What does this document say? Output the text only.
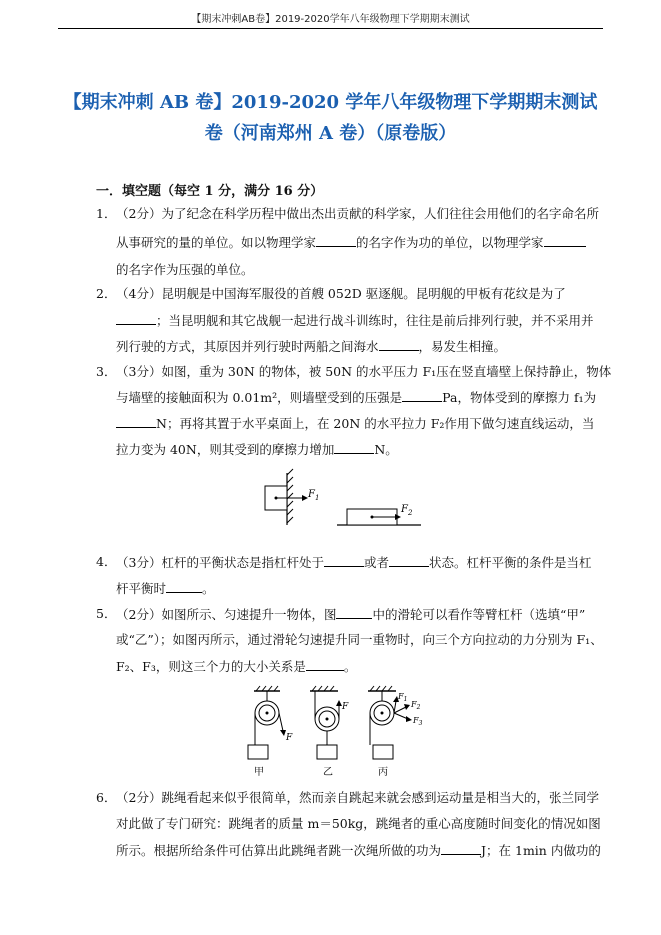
【期末冲刺AB卷】2019-2020学年八年级物理下学期期末测试
【期末冲刺 AB 卷】2019-2020 学年八年级物理下学期期末测试
卷（河南郑州 A 卷）（原卷版）
一．填空题（每空 1 分，满分 16 分）
1． （2分）为了纪念在科学历程中做出杰出贡献的科学家，人们往往会用他们的名字命名所
从事研究的量的单位。如以物理学家	的名字作为功的单位，以物理学家
的名字作为压强的单位。
2． （4分）昆明舰是中国海军服役的首艘 052D 驱逐舰。昆明舰的甲板有花纹是为了
；当昆明舰和其它战舰一起进行战斗训练时，往往是前后排列行驶，并不采用并
列行驶的方式，其原因并列行驶时两船之间海水	，易发生相撞。
3． （3分）如图，重为 30N 的物体，被 50N 的水平压力 F₁压在竖直墙壁上保持静止，物体
与墙壁的接触面积为 0.01m²，则墙壁受到的压强是	Pa，物体受到的摩擦力 f₁为
N；再将其置于水平桌面上，在 20N 的水平拉力 F₂作用下做匀速直线运动，当
拉力变为 40N，则其受到的摩擦力增加	N。
$F_1$
$F_2$
4． （3分）杠杆的平衡状态是指杠杆处于	或者	状态。杠杆平衡的条件是当杠
杆平衡时	。
5． （2分）如图所示、匀速提升一物体，图	中的滑轮可以看作等臂杠杆（选填“甲”
或“乙”）；如图丙所示，通过滑轮匀速提升同一重物时，向三个方向拉动的力分别为 F₁、
F₂、F₃，则这三个力的大小关系是	。
F
甲
F
乙
$F_1$
$F_2$
$F_3$
丙
6． （2分）跳绳看起来似乎很简单，然而亲自跳起来就会感到运动量是相当大的，张兰同学
对此做了专门研究：跳绳者的质量 m＝50kg，跳绳者的重心高度随时间变化的情况如图
所示。根据所给条件可估算出此跳绳者跳一次绳所做的功为	J；在 1min 内做功的
